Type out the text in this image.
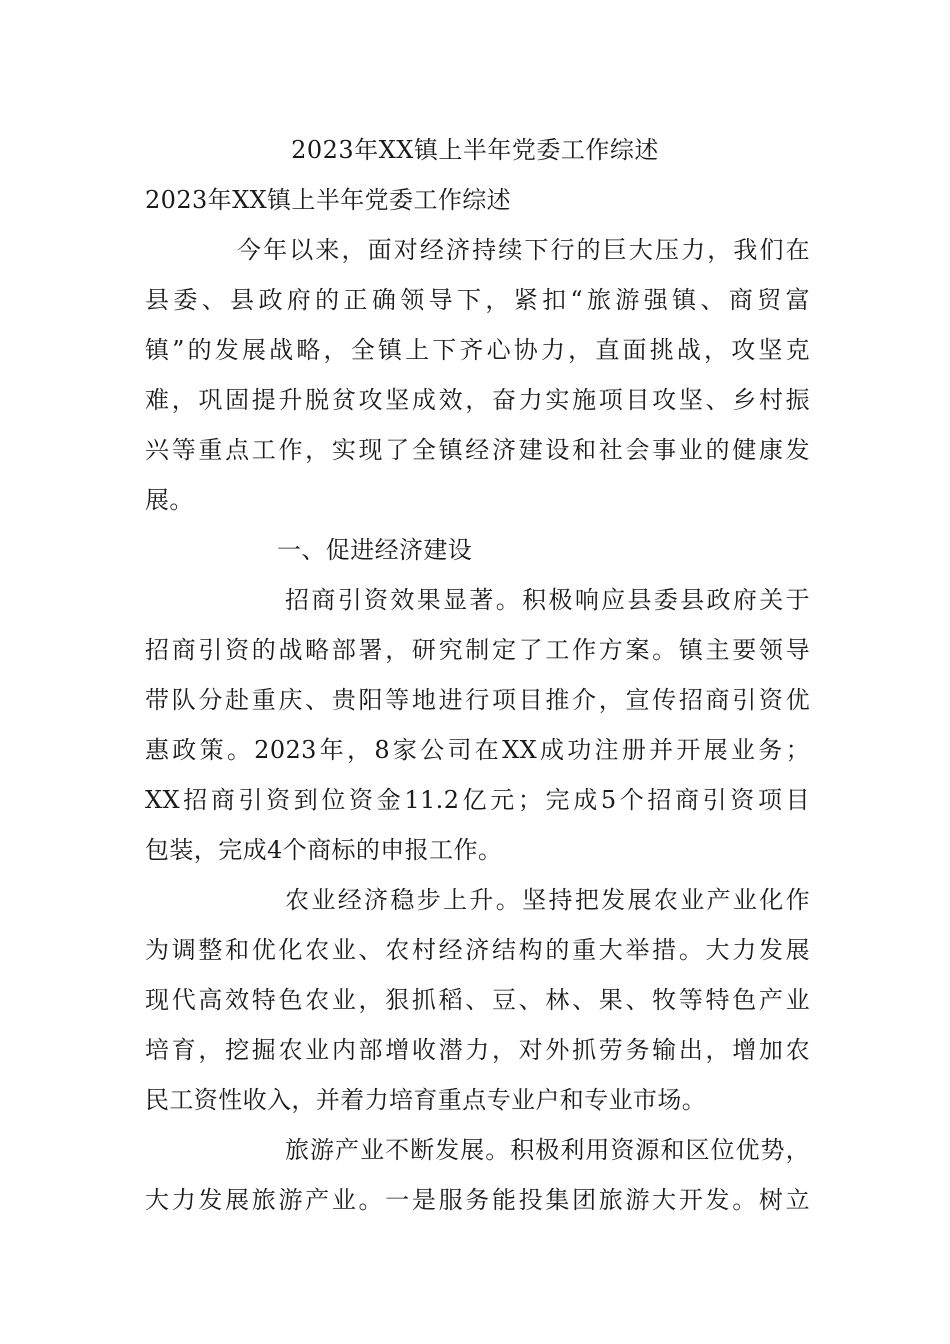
2023年XX镇上半年党委工作综述
2023年XX镇上半年党委工作综述
今年以来，面对经济持续下行的巨大压力，我们在
县委、县政府的正确领导下，紧扣“旅游强镇、商贸富
镇”的发展战略，全镇上下齐心协力，直面挑战，攻坚克
难，巩固提升脱贫攻坚成效，奋力实施项目攻坚、乡村振
兴等重点工作，实现了全镇经济建设和社会事业的健康发
展。
一、促进经济建设
招商引资效果显著。积极响应县委县政府关于
招商引资的战略部署，研究制定了工作方案。镇主要领导
带队分赴重庆、贵阳等地进行项目推介，宣传招商引资优
惠政策。2023年，8家公司在XX成功注册并开展业务；
XX招商引资到位资金11.2亿元；完成5个招商引资项目
包装，完成4个商标的申报工作。
农业经济稳步上升。坚持把发展农业产业化作
为调整和优化农业、农村经济结构的重大举措。大力发展
现代高效特色农业，狠抓稻、豆、林、果、牧等特色产业
培育，挖掘农业内部增收潜力，对外抓劳务输出，增加农
民工资性收入，并着力培育重点专业户和专业市场。
旅游产业不断发展。积极利用资源和区位优势，
大力发展旅游产业。一是服务能投集团旅游大开发。树立
